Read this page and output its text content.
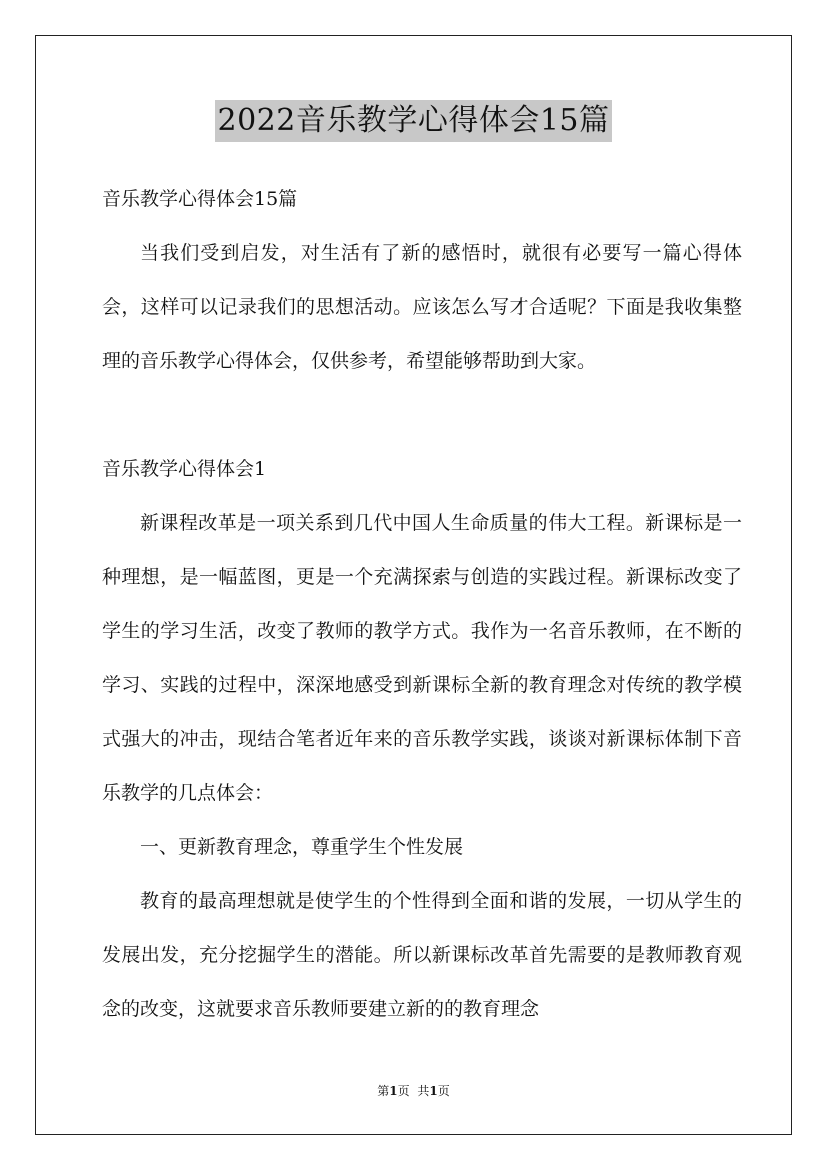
2022音乐教学心得体会15篇

音乐教学心得体会15篇

当我们受到启发，对生活有了新的感悟时，就很有必要写一篇心得体会，这样可以记录我们的思想活动。应该怎么写才合适呢？下面是我收集整理的音乐教学心得体会，仅供参考，希望能够帮助到大家。

音乐教学心得体会1

新课程改革是一项关系到几代中国人生命质量的伟大工程。新课标是一种理想，是一幅蓝图，更是一个充满探索与创造的实践过程。新课标改变了学生的学习生活，改变了教师的教学方式。我作为一名音乐教师，在不断的学习、实践的过程中，深深地感受到新课标全新的教育理念对传统的教学模式强大的冲击，现结合笔者近年来的音乐教学实践，谈谈对新课标体制下音乐教学的几点体会：

一、更新教育理念，尊重学生个性发展

教育的最高理想就是使学生的个性得到全面和谐的发展，一切从学生的发展出发，充分挖掘学生的潜能。所以新课标改革首先需要的是教师教育观念的改变，这就要求音乐教师要建立新的的教育理念

第1页 共1页
